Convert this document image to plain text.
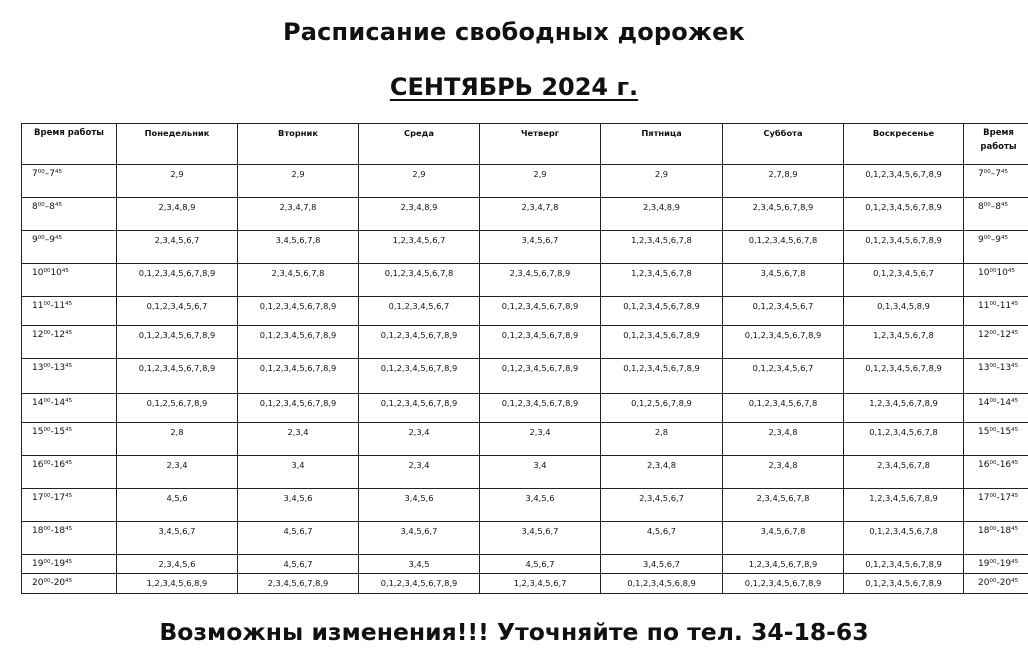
Расписание свободных дорожек
СЕНТЯБРЬ 2024 г.
Время работы	Понедельник	Вторник	Среда	Четверг	Пятница	Суббота	Воскресенье	Время работы
$7^{00}-7^{45}$	2,9	2,9	2,9	2,9	2,9	2,7,8,9	0,1,2,3,4,5,6,7,8,9	$7^{00}-7^{45}$
$8^{00}-8^{45}$	2,3,4,8,9	2,3,4,7,8	2,3,4,8,9	2,3,4,7,8	2,3,4,8,9	2,3,4,5,6,7,8,9	0,1,2,3,4,5,6,7,8,9	$8^{00}-8^{45}$
$9^{00}-9^{45}$	2,3,4,5,6,7	3,4,5,6,7,8	1,2,3,4,5,6,7	3,4,5,6,7	1,2,3,4,5,6,7,8	0,1,2,3,4,5,6,7,8	0,1,2,3,4,5,6,7,8,9	$9^{00}-9^{45}$
$10^{00}10^{45}$	0,1,2,3,4,5,6,7,8,9	2,3,4,5,6,7,8	0,1,2,3,4,5,6,7,8	2,3,4,5,6,7,8,9	1,2,3,4,5,6,7,8	3,4,5,6,7,8	0,1,2,3,4,5,6,7	$10^{00}10^{45}$
$11^{00}-11^{45}$	0,1,2,3,4,5,6,7	0,1,2,3,4,5,6,7,8,9	0,1,2,3,4,5,6,7	0,1,2,3,4,5,6,7,8,9	0,1,2,3,4,5,6,7,8,9	0,1,2,3,4,5,6,7	0,1,3,4,5,8,9	$11^{00}-11^{45}$
$12^{00}-12^{45}$	0,1,2,3,4,5,6,7,8,9	0,1,2,3,4,5,6,7,8,9	0,1,2,3,4,5,6,7,8,9	0,1,2,3,4,5,6,7,8,9	0,1,2,3,4,5,6,7,8,9	0,1,2,3,4,5,6,7,8,9	1,2,3,4,5,6,7,8	$12^{00}-12^{45}$
$13^{00}-13^{45}$	0,1,2,3,4,5,6,7,8,9	0,1,2,3,4,5,6,7,8,9	0,1,2,3,4,5,6,7,8,9	0,1,2,3,4,5,6,7,8,9	0,1,2,3,4,5,6,7,8,9	0,1,2,3,4,5,6,7	0,1,2,3,4,5,6,7,8,9	$13^{00}-13^{45}$
$14^{00}-14^{45}$	0,1,2,5,6,7,8,9	0,1,2,3,4,5,6,7,8,9	0,1,2,3,4,5,6,7,8,9	0,1,2,3,4,5,6,7,8,9	0,1,2,5,6,7,8,9	0,1,2,3,4,5,6,7,8	1,2,3,4,5,6,7,8,9	$14^{00}-14^{45}$
$15^{00}-15^{45}$	2,8	2,3,4	2,3,4	2,3,4	2,8	2,3,4,8	0,1,2,3,4,5,6,7,8	$15^{00}-15^{45}$
$16^{00}-16^{45}$	2,3,4	3,4	2,3,4	3,4	2,3,4,8	2,3,4,8	2,3,4,5,6,7,8	$16^{00}-16^{45}$
$17^{00}-17^{45}$	4,5,6	3,4,5,6	3,4,5,6	3,4,5,6	2,3,4,5,6,7	2,3,4,5,6,7,8	1,2,3,4,5,6,7,8,9	$17^{00}-17^{45}$
$18^{00}-18^{45}$	3,4,5,6,7	4,5,6,7	3,4,5,6,7	3,4,5,6,7	4,5,6,7	3,4,5,6,7,8	0,1,2,3,4,5,6,7,8	$18^{00}-18^{45}$
$19^{00}-19^{45}$	2,3,4,5,6	4,5,6,7	3,4,5	4,5,6,7	3,4,5,6,7	1,2,3,4,5,6,7,8,9	0,1,2,3,4,5,6,7,8,9	$19^{00}-19^{45}$
$20^{00}-20^{45}$	1,2,3,4,5,6,8,9	2,3,4,5,6,7,8,9	0,1,2,3,4,5,6,7,8,9	1,2,3,4,5,6,7	0,1,2,3,4,5,6,8,9	0,1,2,3,4,5,6,7,8,9	0,1,2,3,4,5,6,7,8,9	$20^{00}-20^{45}$
Возможны изменения!!! Уточняйте по тел. 34-18-63
